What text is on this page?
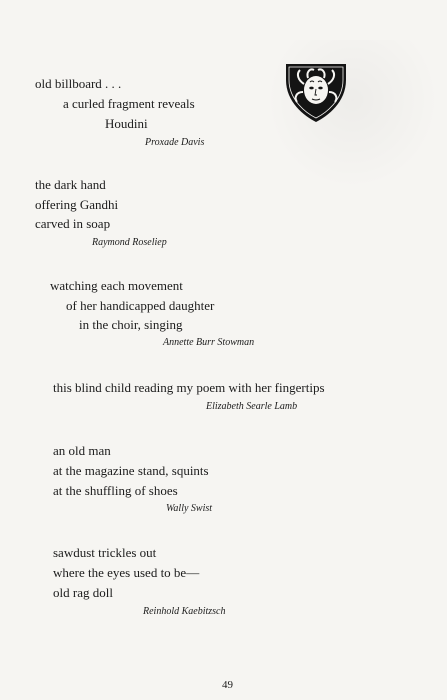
old billboard . . .
a curled fragment reveals
Houdini
Proxade Davis
the dark hand
offering Gandhi
carved in soap
Raymond Roseliep
watching each movement
of her handicapped daughter
in the choir, singing
Annette Burr Stowman
this blind child reading my poem with her fingertips
Elizabeth Searle Lamb
an old man
at the magazine stand, squints
at the shuffling of shoes
Wally Swist
sawdust trickles out
where the eyes used to be—
old rag doll
Reinhold Kaebitzsch
49
